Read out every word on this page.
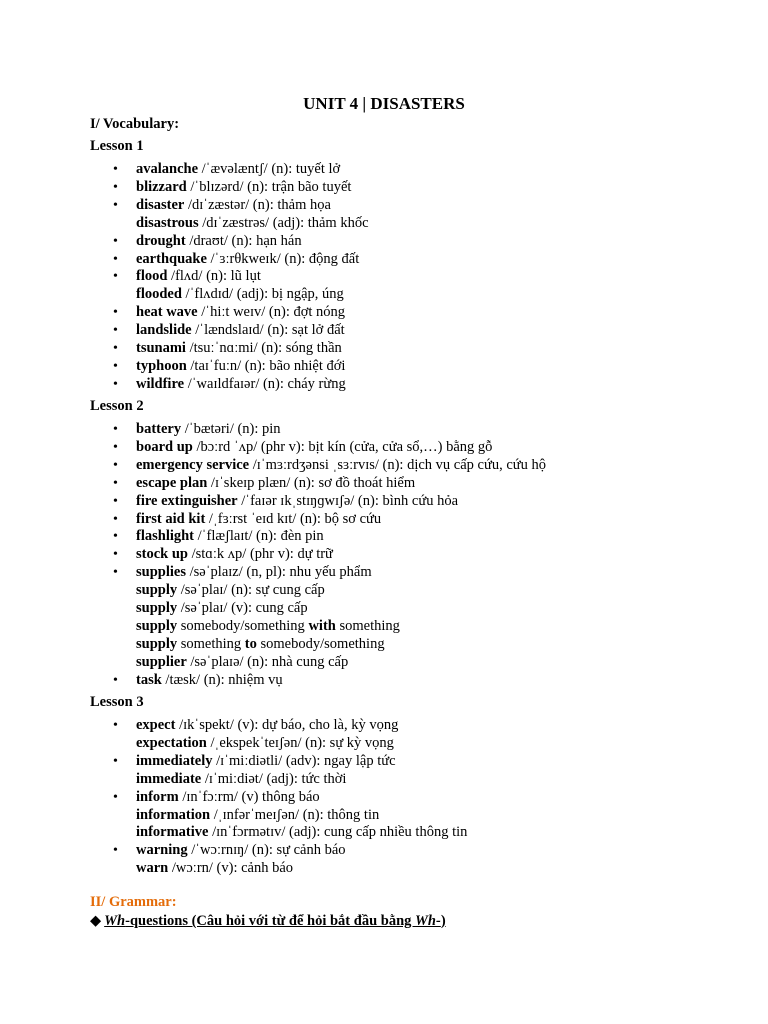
UNIT 4 | DISASTERS
I/ Vocabulary:
Lesson 1
• avalanche /ˈævəlæntʃ/ (n): tuyết lở
• blizzard /ˈblɪzərd/ (n): trận bão tuyết
• disaster /dɪˈzæstər/ (n): thảm họa
disastrous /dɪˈzæstrəs/ (adj): thảm khốc
• drought /draʊt/ (n): hạn hán
• earthquake /ˈɜːrθkweɪk/ (n): động đất
• flood /flʌd/ (n): lũ lụt
flooded /ˈflʌdɪd/ (adj): bị ngập, úng
• heat wave /ˈhiːt weɪv/ (n): đợt nóng
• landslide /ˈlændslaɪd/ (n): sạt lở đất
• tsunami /tsuːˈnɑːmi/ (n): sóng thần
• typhoon /taɪˈfuːn/ (n): bão nhiệt đới
• wildfire /ˈwaɪldfaɪər/ (n): cháy rừng
Lesson 2
• battery /ˈbætəri/ (n): pin
• board up /bɔːrd ˈʌp/ (phr v): bịt kín (cửa, cửa sổ,…) bằng gỗ
• emergency service /ɪˈmɜːrdʒənsi ˌsɜːrvɪs/ (n): dịch vụ cấp cứu, cứu hộ
• escape plan /ɪˈskeɪp plæn/ (n): sơ đồ thoát hiểm
• fire extinguisher /ˈfaɪər ɪkˌstɪŋɡwɪʃə/ (n): bình cứu hỏa
• first aid kit /ˌfɜːrst ˈeɪd kɪt/ (n): bộ sơ cứu
• flashlight /ˈflæʃlaɪt/ (n): đèn pin
• stock up /stɑːk ʌp/ (phr v): dự trữ
• supplies /səˈplaɪz/ (n, pl): nhu yếu phẩm
supply /səˈplaɪ/ (n): sự cung cấp
supply /səˈplaɪ/ (v): cung cấp
supply somebody/something with something
supply something to somebody/something
supplier /səˈplaɪə/ (n): nhà cung cấp
• task /tæsk/ (n): nhiệm vụ
Lesson 3
• expect /ɪkˈspekt/ (v): dự báo, cho là, kỳ vọng
expectation /ˌekspekˈteɪʃən/ (n): sự kỳ vọng
• immediately /ɪˈmiːdiətli/ (adv): ngay lập tức
immediate /ɪˈmiːdiət/ (adj): tức thời
• inform /ɪnˈfɔːrm/ (v) thông báo
information /ˌɪnfərˈmeɪʃən/ (n): thông tin
informative /ɪnˈfɔrmətɪv/ (adj): cung cấp nhiều thông tin
• warning /ˈwɔːrnɪŋ/ (n): sự cảnh báo
warn /wɔːrn/ (v): cảnh báo
II/ Grammar:
◆ Wh-questions (Câu hỏi với từ để hỏi bắt đầu bằng Wh-)
